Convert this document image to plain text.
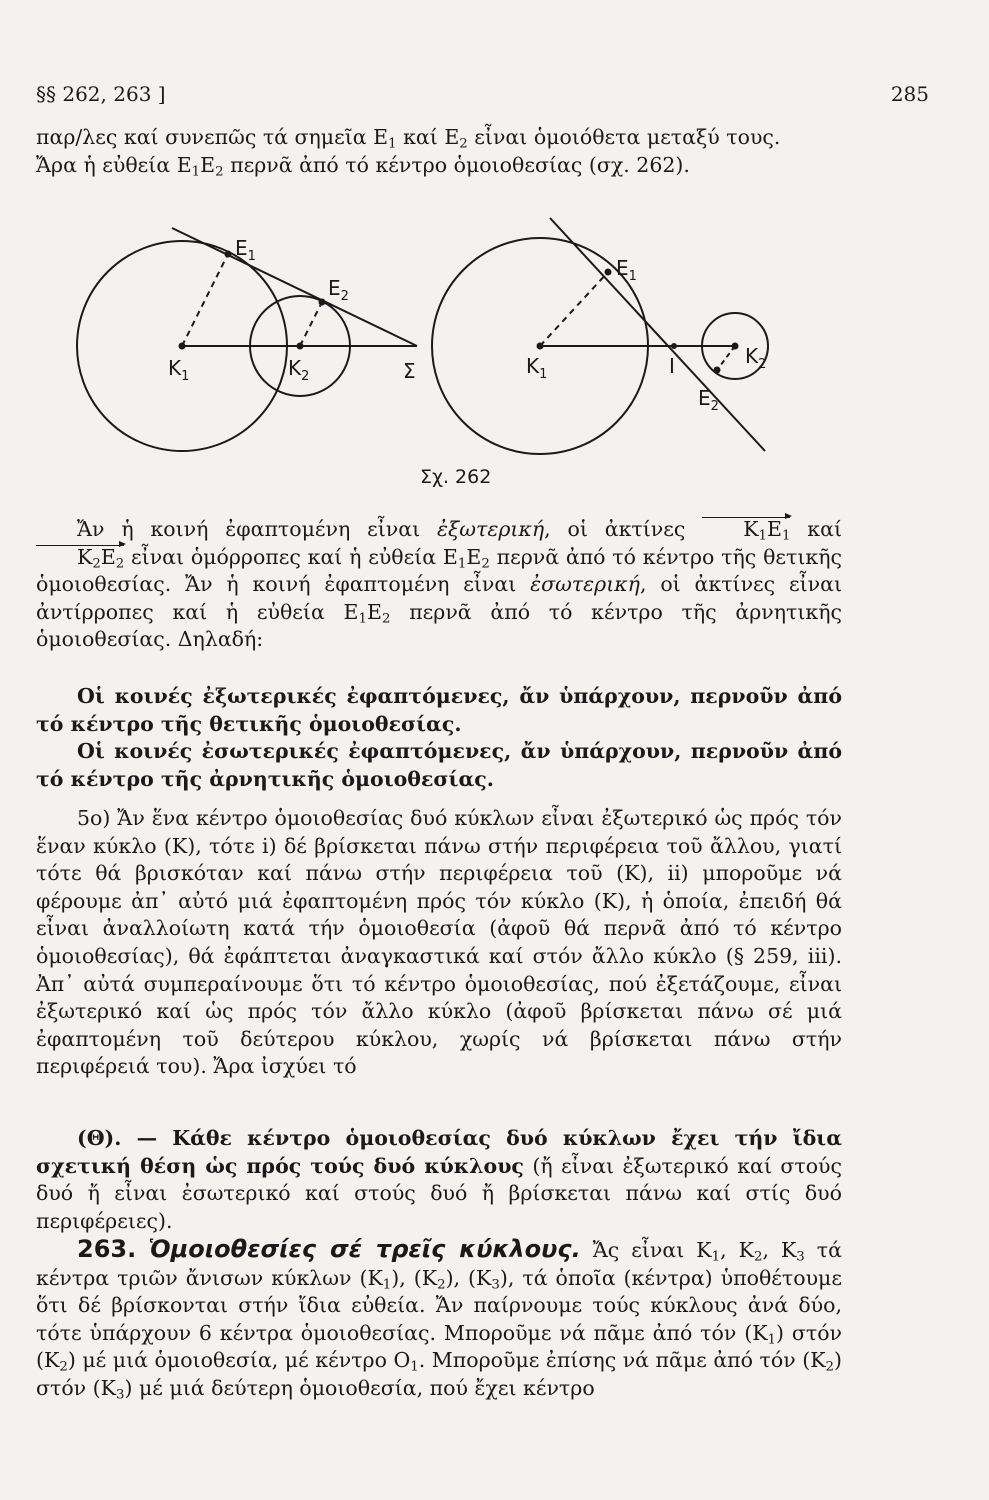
§§ 262, 263 ]	285

παρ/λες καί συνεπῶς τά σημεῖα $E_1$ καί $E_2$ εἶναι ὁμοιόθετα μεταξύ τους.

Ἄρα ἡ εὐθεία $E_1E_2$ περνᾶ ἀπό τό κέντρο ὁμοιοθεσίας (σχ. 262).

$E_1$
$E_2$
$K_1$	$K_2$	Σ
$E_1$
$E_2$
$K_1$
$K_2$
I
Σχ. 262

Ἄν ἡ κοινή ἐφαπτομένη εἶναι ἐξωτερική, οἱ ἀκτίνες $K_1E_1$ καί $K_2E_2$ εἶναι ὁμόρροπες καί ἡ εὐθεία $E_1E_2$ περνᾶ ἀπό τό κέντρο τῆς θετικῆς ὁμοιοθεσίας. Ἄν ἡ κοινή ἐφαπτομένη εἶναι ἐσωτερική, οἱ ἀκτίνες εἶναι ἀντίρροπες καί ἡ εὐθεία $E_1E_2$ περνᾶ ἀπό τό κέντρο τῆς ἀρνητικῆς ὁμοιοθεσίας. Δηλαδή:

Οἱ κοινές ἐξωτερικές ἐφαπτόμενες, ἄν ὑπάρχουν, περνοῦν ἀπό τό κέντρο τῆς θετικῆς ὁμοιοθεσίας.

Οἱ κοινές ἐσωτερικές ἐφαπτόμενες, ἄν ὑπάρχουν, περνοῦν ἀπό τό κέντρο τῆς ἀρνητικῆς ὁμοιοθεσίας.

5ο) Ἄν ἕνα κέντρο ὁμοιοθεσίας δυό κύκλων εἶναι ἐξωτερικό ὡς πρός τόν ἕναν κύκλο (K), τότε i) δέ βρίσκεται πάνω στήν περιφέρεια τοῦ ἄλλου, γιατί τότε θά βρισκόταν καί πάνω στήν περιφέρεια τοῦ (K), ii) μποροῦμε νά φέρουμε ἀπ᾽ αὐτό μιά ἐφαπτομένη πρός τόν κύκλο (K), ἡ ὁποία, ἐπειδή θά εἶναι ἀναλλοίωτη κατά τήν ὁμοιοθεσία (ἀφοῦ θά περνᾶ ἀπό τό κέντρο ὁμοιοθεσίας), θά ἐφάπτεται ἀναγκαστικά καί στόν ἄλλο κύκλο (§ 259, iii). Ἀπ᾽ αὐτά συμπεραίνουμε ὅτι τό κέντρο ὁμοιοθεσίας, πού ἐξετάζουμε, εἶναι ἐξωτερικό καί ὡς πρός τόν ἄλλο κύκλο (ἀφοῦ βρίσκεται πάνω σέ μιά ἐφαπτομένη τοῦ δεύτερου κύκλου, χωρίς νά βρίσκεται πάνω στήν περιφέρειά του). Ἄρα ἰσχύει τό

(Θ). — Κάθε κέντρο ὁμοιοθεσίας δυό κύκλων ἔχει τήν ἴδια σχετική θέση ὡς πρός τούς δυό κύκλους (ἤ εἶναι ἐξωτερικό καί στούς δυό ἤ εἶναι ἐσωτερικό καί στούς δυό ἤ βρίσκεται πάνω καί στίς δυό περιφέρειες).

263. Ὁμοιοθεσίες σέ τρεῖς κύκλους. Ἄς εἶναι $K_1$, $K_2$, $K_3$ τά κέντρα τριῶν ἄνισων κύκλων $(K_1)$, $(K_2)$, $(K_3)$, τά ὁποῖα (κέντρα) ὑποθέτουμε ὅτι δέ βρίσκονται στήν ἴδια εὐθεία. Ἄν παίρνουμε τούς κύκλους ἀνά δύο, τότε ὑπάρχουν 6 κέντρα ὁμοιοθεσίας. Μποροῦμε νά πᾶμε ἀπό τόν $(K_1)$ στόν $(K_2)$ μέ μιά ὁμοιοθεσία, μέ κέντρο $O_1$. Μποροῦμε ἐπίσης νά πᾶμε ἀπό τόν $(K_2)$ στόν $(K_3)$ μέ μιά δεύτερη ὁμοιοθεσία, πού ἔχει κέντρο
